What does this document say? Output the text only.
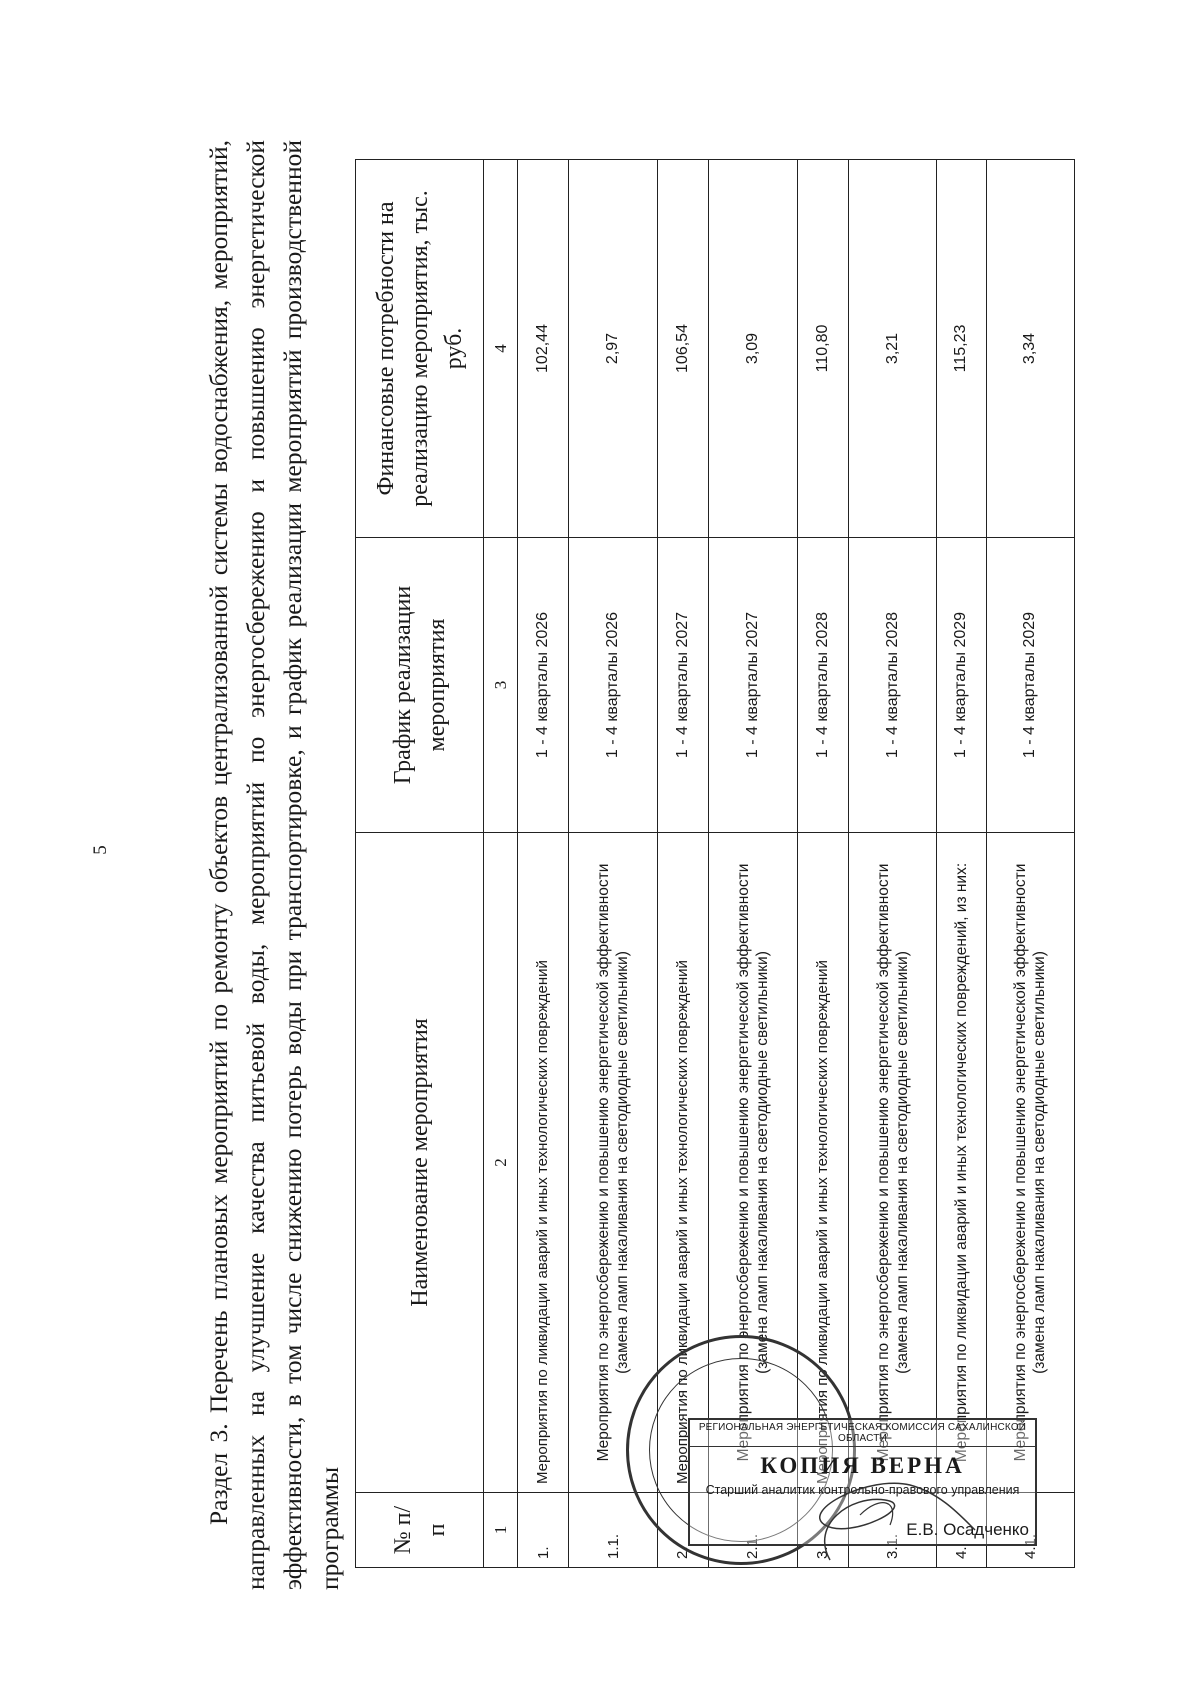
5	Раздел 3. Перечень плановых мероприятий по ремонту объектов централизованной системы водоснабжения, мероприятий, направленных на улучшение качества питьевой воды, мероприятий по энергосбережению и повышению энергетической эффективности, в том числе снижению потерь воды при транспортировке, и график реализации мероприятий производственной программы № п/п	Наименование мероприятия	График реализации мероприятия	Финансовые потребности на реализацию мероприятия, тыс. руб.
1	2	3	4
1.	Мероприятия по ликвидации аварий и иных технологических повреждений	1 - 4 кварталы 2026	102,44
1.1.	Мероприятия по энергосбережению и повышению энергетической эффективности (замена ламп накаливания на светодиодные светильники)	1 - 4 кварталы 2026	2,97
2.	Мероприятия по ликвидации аварий и иных технологических повреждений	1 - 4 кварталы 2027	106,54
2.1.	Мероприятия по энергосбережению и повышению энергетической эффективности (замена ламп накаливания на светодиодные светильники)	1 - 4 кварталы 2027	3,09
3.	Мероприятия по ликвидации аварий и иных технологических повреждений	1 - 4 кварталы 2028	110,80
3.1.	Мероприятия по энергосбережению и повышению энергетической эффективности (замена ламп накаливания на светодиодные светильники)	1 - 4 кварталы 2028	3,21
4.	Мероприятия по ликвидации аварий и иных технологических повреждений, из них:	1 - 4 кварталы 2029	115,23
4.1.	Мероприятия по энергосбережению и повышению энергетической эффективности (замена ламп накаливания на светодиодные светильники)	1 - 4 кварталы 2029	3,34
РЕГИОНАЛЬНАЯ ЭНЕРГЕТИЧЕСКАЯ КОМИССИЯ САХАЛИНСКОЙ ОБЛАСТИ
КОПИЯ ВЕРНА
Старший аналитик контрольно-правового управления
Е.В. Осадченко
